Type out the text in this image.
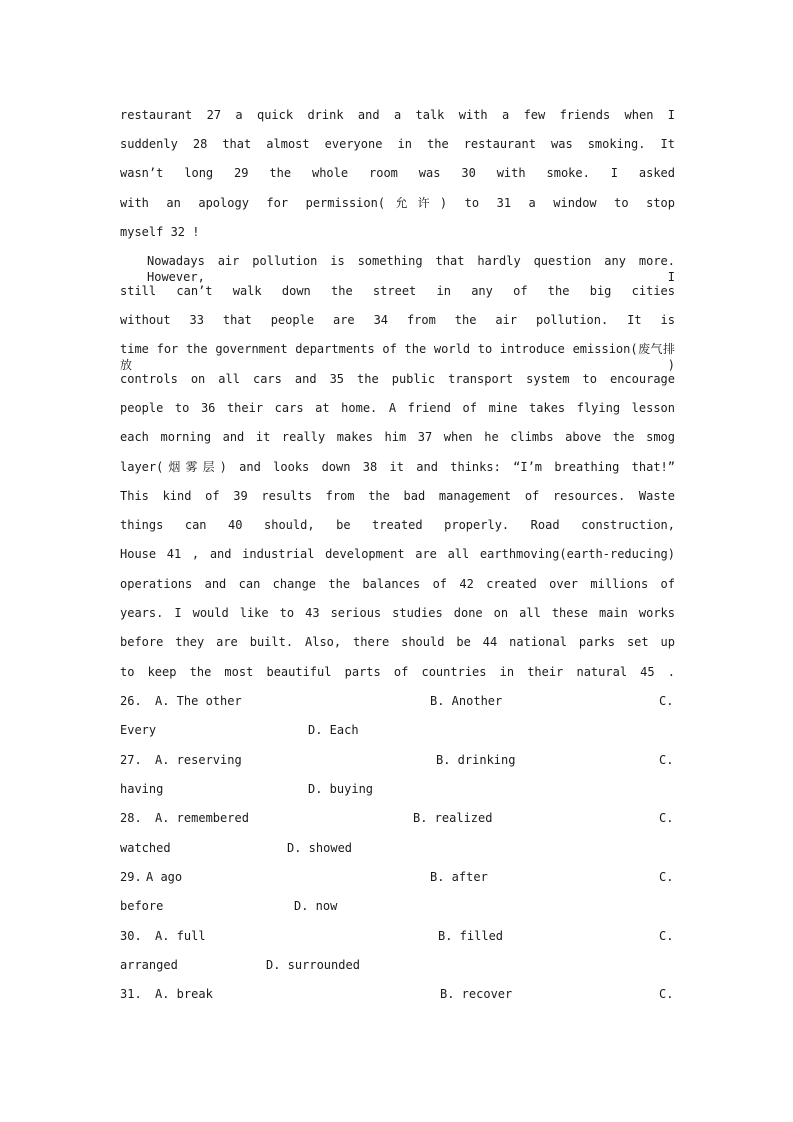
restaurant 27 a quick drink and a talk with a few friends when I

suddenly 28 that almost everyone in the restaurant was smoking. It

wasn’t long 29 the whole room was 30 with smoke. I asked

with an apology for permission(允许) to 31 a window to stop

myself 32 !

Nowadays air pollution is something that hardly question any more. However, I

still can’t walk down the street in any of the big cities

without 33 that people are 34 from the air pollution. It is

time for the government departments of the world to introduce emission(废气排放)

controls on all cars and 35 the public transport system to encourage

people to 36 their cars at home. A friend of mine takes flying lesson

each morning and it really makes him 37 when he climbs above the smog

layer(烟雾层) and looks down 38 it and thinks: “I’m breathing that!”

This kind of 39 results from the bad management of resources. Waste

things can 40 should, be treated properly. Road construction,

House 41 , and industrial development are all earthmoving(earth-reducing)

operations and can change the balances of 42 created over millions of

years. I would like to 43 serious studies done on all these main works

before they are built. Also, there should be 44 national parks set up

to keep the most beautiful parts of countries in their natural 45 .

26. A. The other	B. Another	C.
Every	D. Each
27. A. reserving	B. drinking	C.
having	D. buying
28. A. remembered	B. realized	C.
watched	D. showed
29. A ago	B. after	C.
before	D. now
30. A. full	B. filled	C.
arranged	D. surrounded
31. A. break	B. recover	C.
